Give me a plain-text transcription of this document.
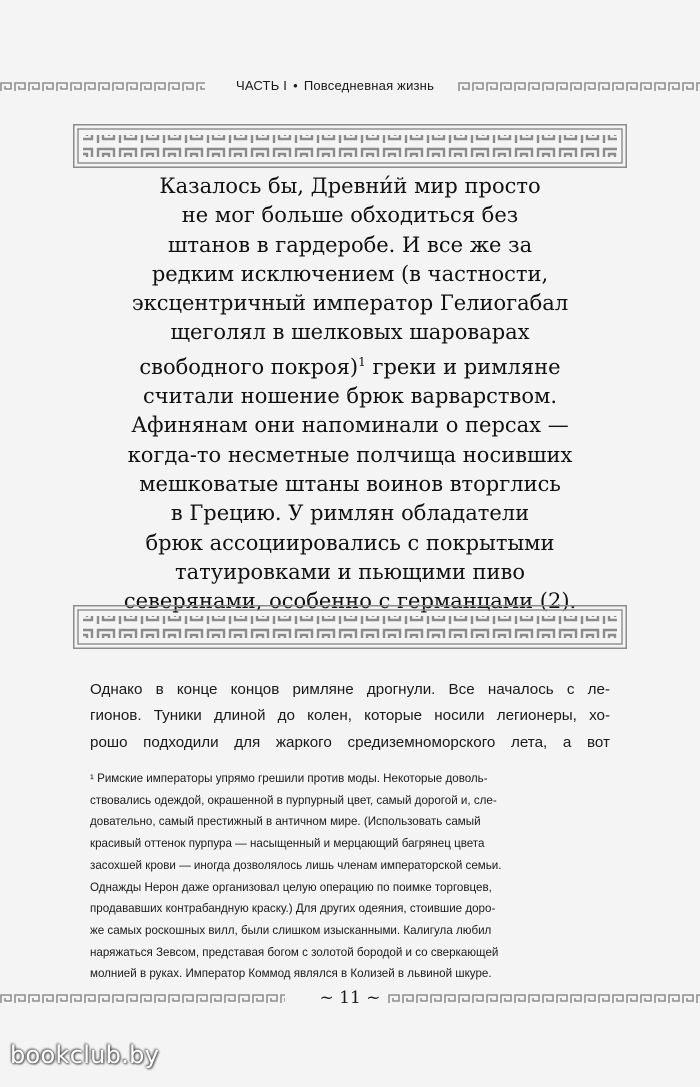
ЧАСТЬ I • Повседневная жизнь
Казалось бы, Древни́й мир просто
не мог больше обходиться без
штанов в гардеробе. И все же за
редким исключением (в частности,
эксцентричный император Гелиогабал
щеголял в шелковых шароварах
свободного покроя)$^1$ греки и римляне
считали ношение брюк варварством.
Афинянам они напоминали о персах —
когда-то несметные полчища носивших
мешковатые штаны воинов вторглись
в Грецию. У римлян обладатели
брюк ассоциировались с покрытыми
татуировками и пьющими пиво
северянами, особенно с германцами (2).
Однако в конце концов римляне дрогнули. Все началось с ле-
гионов. Туники длиной до колен, которые носили легионеры, хо-
рошо подходили для жаркого средиземноморского лета, а вот
¹ Римские императоры упрямо грешили против моды. Некоторые доволь-
ствовались одеждой, окрашенной в пурпурный цвет, самый дорогой и, сле-
довательно, самый престижный в античном мире. (Использовать самый
красивый оттенок пурпура — насыщенный и мерцающий багрянец цвета
засохшей крови — иногда дозволялось лишь членам императорской семьи.
Однажды Нерон даже организовал целую операцию по поимке торговцев,
продававших контрабандную краску.) Для других одеяния, стоившие доро-
же самых роскошных вилл, были слишком изысканными. Калигула любил
наряжаться Зевсом, представая богом с золотой бородой и со сверкающей
молнией в руках. Император Коммод являлся в Колизей в львиной шкуре.
~ 11 ~
bookclub.by
